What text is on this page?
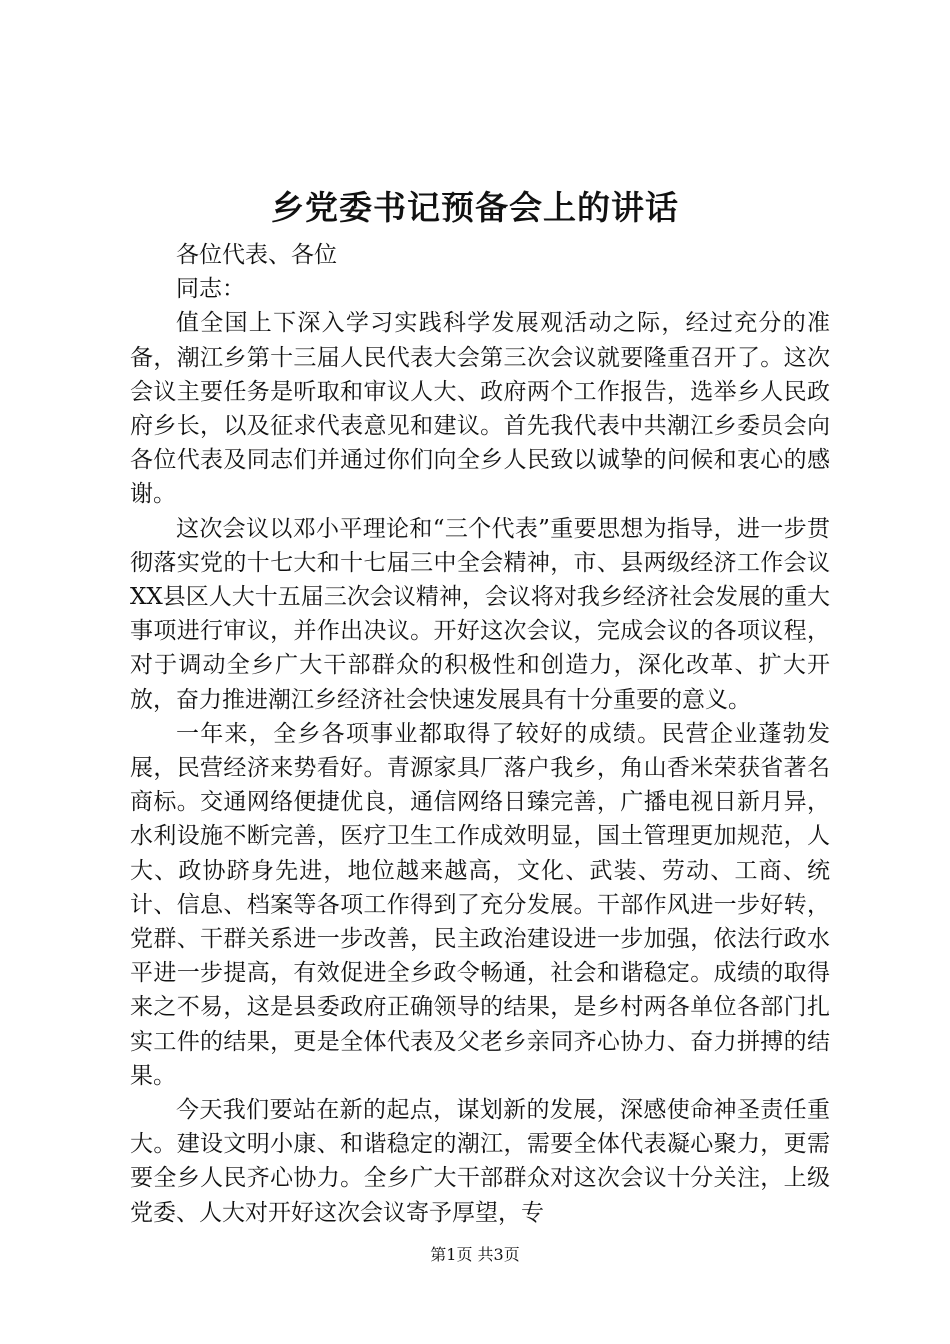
乡党委书记预备会上的讲话

各位代表、各位

同志：

值全国上下深入学习实践科学发展观活动之际，经过充分的准备，潮江乡第十三届人民代表大会第三次会议就要隆重召开了。这次会议主要任务是听取和审议人大、政府两个工作报告，选举乡人民政府乡长，以及征求代表意见和建议。首先我代表中共潮江乡委员会向各位代表及同志们并通过你们向全乡人民致以诚挚的问候和衷心的感谢。

这次会议以邓小平理论和“三个代表”重要思想为指导，进一步贯彻落实党的十七大和十七届三中全会精神，市、县两级经济工作会议XX县区人大十五届三次会议精神，会议将对我乡经济社会发展的重大事项进行审议，并作出决议。开好这次会议，完成会议的各项议程，对于调动全乡广大干部群众的积极性和创造力，深化改革、扩大开放，奋力推进潮江乡经济社会快速发展具有十分重要的意义。

一年来，全乡各项事业都取得了较好的成绩。民营企业蓬勃发展，民营经济来势看好。青源家具厂落户我乡，角山香米荣获省著名商标。交通网络便捷优良，通信网络日臻完善，广播电视日新月异，水利设施不断完善，医疗卫生工作成效明显，国土管理更加规范，人大、政协跻身先进，地位越来越高，文化、武装、劳动、工商、统计、信息、档案等各项工作得到了充分发展。干部作风进一步好转，党群、干群关系进一步改善，民主政治建设进一步加强，依法行政水平进一步提高，有效促进全乡政令畅通，社会和谐稳定。成绩的取得来之不易，这是县委政府正确领导的结果，是乡村两各单位各部门扎实工件的结果，更是全体代表及父老乡亲同齐心协力、奋力拼搏的结果。

今天我们要站在新的起点，谋划新的发展，深感使命神圣责任重大。建设文明小康、和谐稳定的潮江，需要全体代表凝心聚力，更需要全乡人民齐心协力。全乡广大干部群众对这次会议十分关注，上级党委、人大对开好这次会议寄予厚望，专

第1页 共3页
